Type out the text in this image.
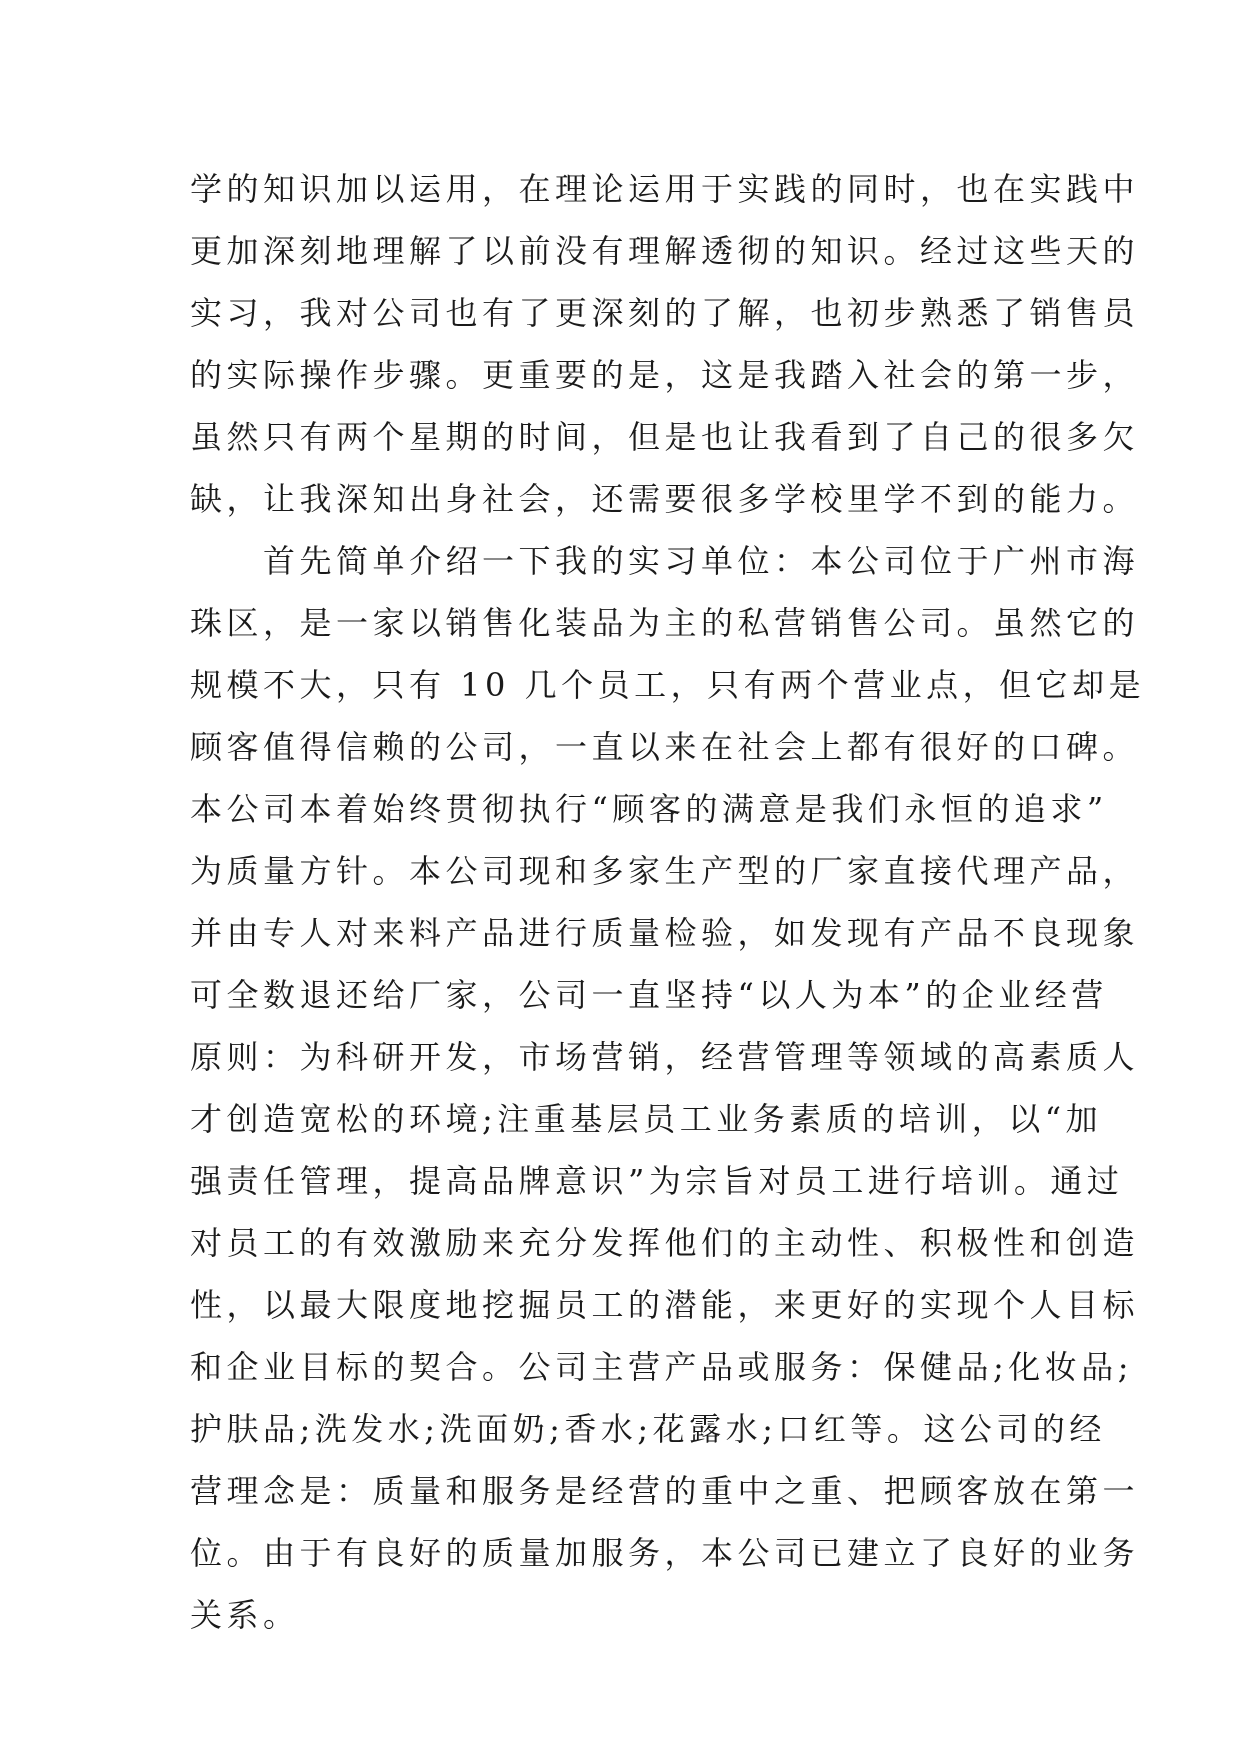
学的知识加以运用，在理论运用于实践的同时，也在实践中
更加深刻地理解了以前没有理解透彻的知识。经过这些天的
实习，我对公司也有了更深刻的了解，也初步熟悉了销售员
的实际操作步骤。更重要的是，这是我踏入社会的第一步，
虽然只有两个星期的时间，但是也让我看到了自己的很多欠
缺，让我深知出身社会，还需要很多学校里学不到的能力。
　　首先简单介绍一下我的实习单位：本公司位于广州市海
珠区，是一家以销售化装品为主的私营销售公司。虽然它的
规模不大，只有 10 几个员工，只有两个营业点，但它却是
顾客值得信赖的公司，一直以来在社会上都有很好的口碑。
本公司本着始终贯彻执行“顾客的满意是我们永恒的追求”
为质量方针。本公司现和多家生产型的厂家直接代理产品，
并由专人对来料产品进行质量检验，如发现有产品不良现象
可全数退还给厂家，公司一直坚持“以人为本”的企业经营
原则：为科研开发，市场营销，经营管理等领域的高素质人
才创造宽松的环境;注重基层员工业务素质的培训，以“加
强责任管理，提高品牌意识”为宗旨对员工进行培训。通过
对员工的有效激励来充分发挥他们的主动性、积极性和创造
性，以最大限度地挖掘员工的潜能，来更好的实现个人目标
和企业目标的契合。公司主营产品或服务：保健品;化妆品;
护肤品;洗发水;洗面奶;香水;花露水;口红等。这公司的经
营理念是：质量和服务是经营的重中之重、把顾客放在第一
位。由于有良好的质量加服务，本公司已建立了良好的业务
关系。
